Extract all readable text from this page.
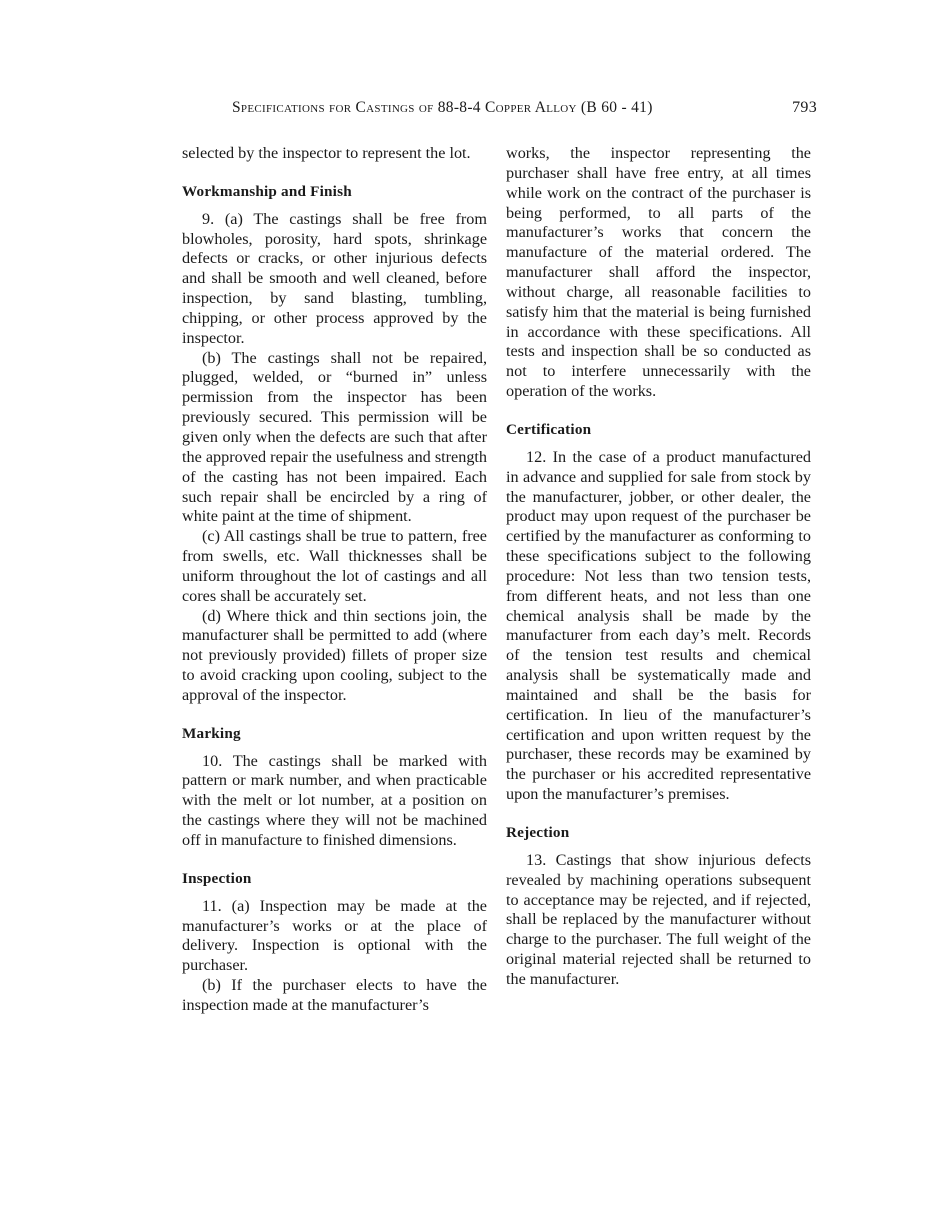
Specifications for Castings of 88-8-4 Copper Alloy (B 60 - 41)	793

selected by the inspector to represent the lot.

Workmanship and Finish

9. (a) The castings shall be free from blowholes, porosity, hard spots, shrinkage defects or cracks, or other injurious defects and shall be smooth and well cleaned, before inspection, by sand blasting, tumbling, chipping, or other process approved by the inspector.

(b) The castings shall not be repaired, plugged, welded, or “burned in” unless permission from the inspector has been previously secured. This permission will be given only when the defects are such that after the approved repair the usefulness and strength of the casting has not been impaired. Each such repair shall be encircled by a ring of white paint at the time of shipment.

(c) All castings shall be true to pattern, free from swells, etc. Wall thicknesses shall be uniform throughout the lot of castings and all cores shall be accurately set.

(d) Where thick and thin sections join, the manufacturer shall be permitted to add (where not previously provided) fillets of proper size to avoid cracking upon cooling, subject to the approval of the inspector.

Marking

10. The castings shall be marked with pattern or mark number, and when practicable with the melt or lot number, at a position on the castings where they will not be machined off in manufacture to finished dimensions.

Inspection

11. (a) Inspection may be made at the manufacturer’s works or at the place of delivery. Inspection is optional with the purchaser.

(b) If the purchaser elects to have the inspection made at the manufacturer’s

works, the inspector representing the purchaser shall have free entry, at all times while work on the contract of the purchaser is being performed, to all parts of the manufacturer’s works that concern the manufacture of the material ordered. The manufacturer shall afford the inspector, without charge, all reasonable facilities to satisfy him that the material is being furnished in accordance with these specifications. All tests and inspection shall be so conducted as not to interfere unnecessarily with the operation of the works.

Certification

12. In the case of a product manufactured in advance and supplied for sale from stock by the manufacturer, jobber, or other dealer, the product may upon request of the purchaser be certified by the manufacturer as conforming to these specifications subject to the following procedure: Not less than two tension tests, from different heats, and not less than one chemical analysis shall be made by the manufacturer from each day’s melt. Records of the tension test results and chemical analysis shall be systematically made and maintained and shall be the basis for certification. In lieu of the manufacturer’s certification and upon written request by the purchaser, these records may be examined by the purchaser or his accredited representative upon the manufacturer’s premises.

Rejection

13. Castings that show injurious defects revealed by machining operations subsequent to acceptance may be rejected, and if rejected, shall be replaced by the manufacturer without charge to the purchaser. The full weight of the original material rejected shall be returned to the manufacturer.
